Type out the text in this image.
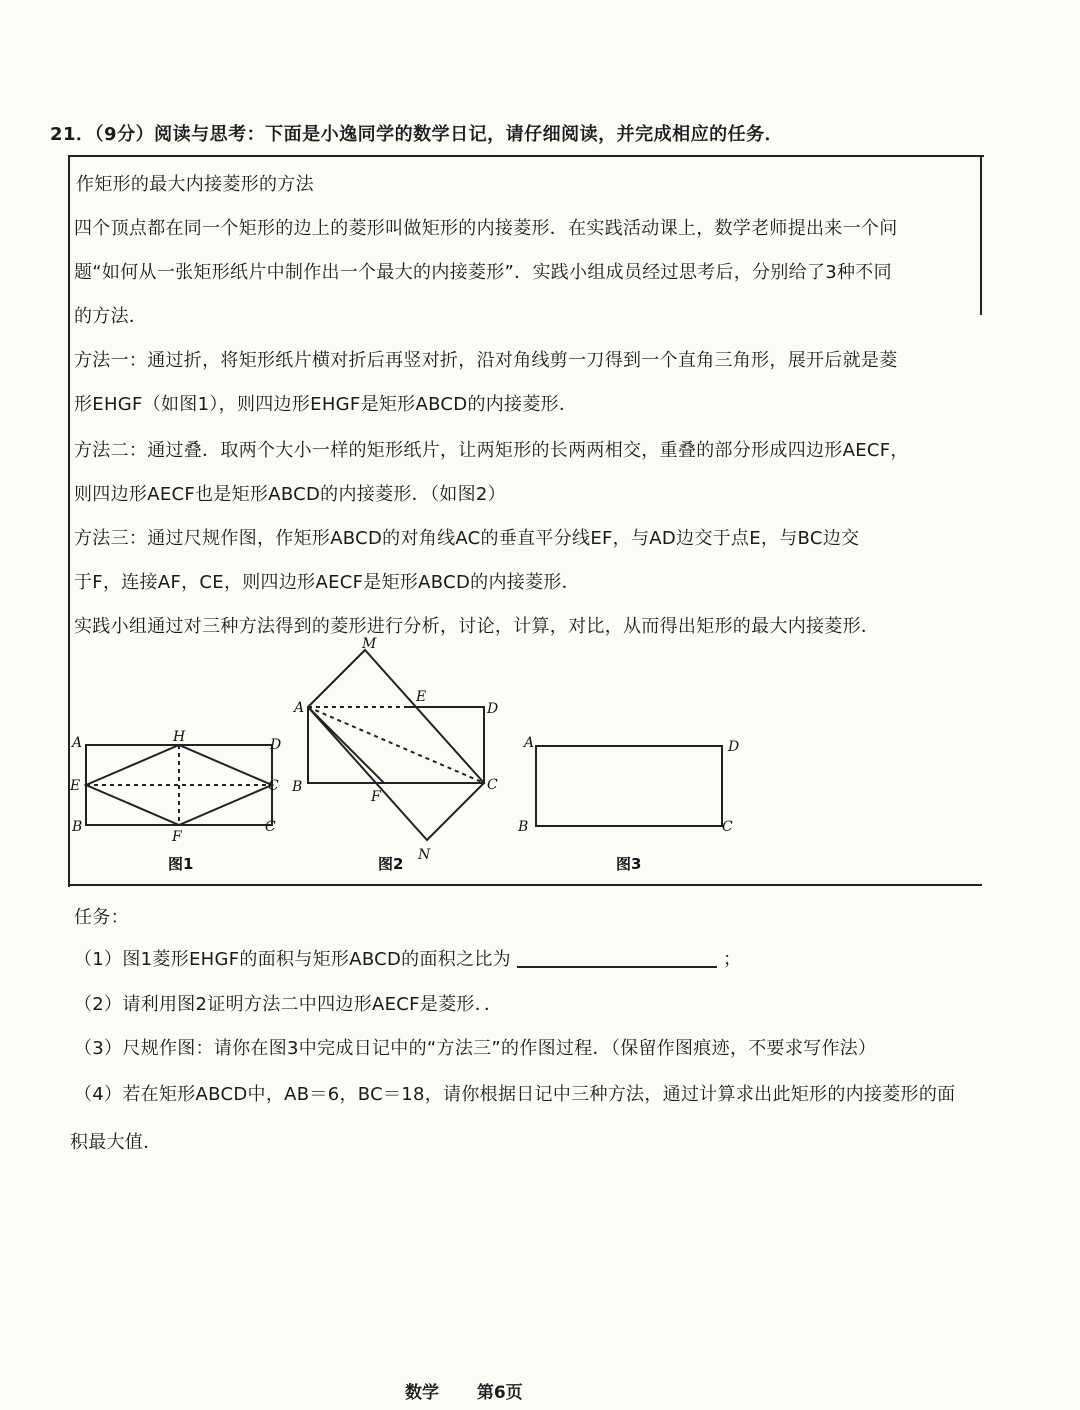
21．（9分）阅读与思考：下面是小逸同学的数学日记，请仔细阅读，并完成相应的任务．
作矩形的最大内接菱形的方法
四个顶点都在同一个矩形的边上的菱形叫做矩形的内接菱形．在实践活动课上，数学老师提出来一个问
题“如何从一张矩形纸片中制作出一个最大的内接菱形”．实践小组成员经过思考后，分别给了3种不同
的方法．
方法一：通过折，将矩形纸片横对折后再竖对折，沿对角线剪一刀得到一个直角三角形，展开后就是菱
形EHGF（如图1），则四边形EHGF是矩形ABCD的内接菱形．
方法二：通过叠．取两个大小一样的矩形纸片，让两矩形的长两两相交，重叠的部分形成四边形AECF，
则四边形AECF也是矩形ABCD的内接菱形．（如图2）
方法三：通过尺规作图，作矩形ABCD的对角线AC的垂直平分线EF，与AD边交于点E，与BC边交
于F，连接AF，CE，则四边形AECF是矩形ABCD的内接菱形．
实践小组通过对三种方法得到的菱形进行分析，讨论，计算，对比，从而得出矩形的最大内接菱形．
A	H	D
E	C
B
F
C
图1
M
A
E
D
B
F
C
N
图2
A	D
B	C
图3
任务：
（1）图1菱形EHGF的面积与矩形ABCD的面积之比为	；
（2）请利用图2证明方法二中四边形AECF是菱形．．
（3）尺规作图：请你在图3中完成日记中的“方法三”的作图过程．（保留作图痕迹，不要求写作法）
（4）若在矩形ABCD中，AB＝6，BC＝18，请你根据日记中三种方法，通过计算求出此矩形的内接菱形的面
积最大值．
数学 第6页
